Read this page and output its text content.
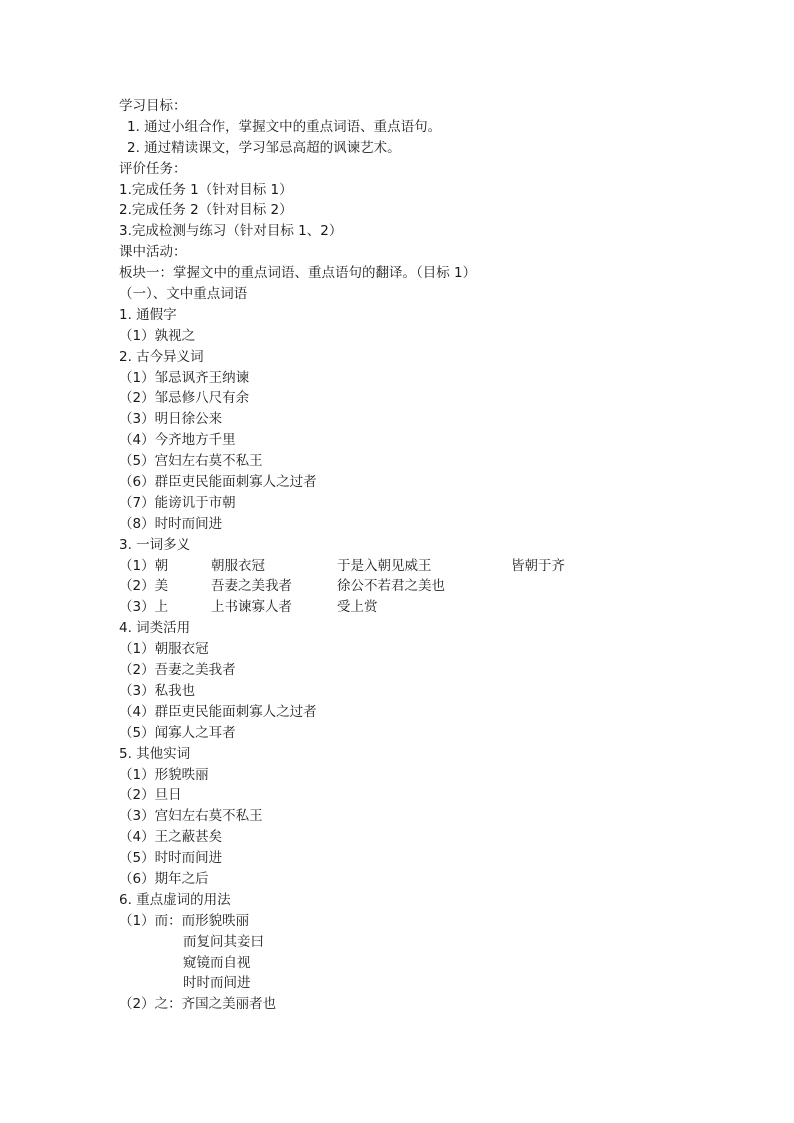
学习目标：
1. 通过小组合作，掌握文中的重点词语、重点语句。
2. 通过精读课文，学习邹忌高超的讽谏艺术。
评价任务：
1.完成任务 1（针对目标 1）
2.完成任务 2（针对目标 2）
3.完成检测与练习（针对目标 1、2）
课中活动：
板块一：掌握文中的重点词语、重点语句的翻译。（目标 1）
（一）、文中重点词语
1. 通假字
（1）孰视之
2. 古今异义词
（1）邹忌讽齐王纳谏
（2）邹忌修八尺有余
（3）明日徐公来
（4）今齐地方千里
（5）宫妇左右莫不私王
（6）群臣吏民能面刺寡人之过者
（7）能谤讥于市朝
（8）时时而间进
3. 一词多义
（1）朝	朝服衣冠	于是入朝见威王	皆朝于齐
（2）美	吾妻之美我者	徐公不若君之美也
（3）上	上书谏寡人者	受上赏
4. 词类活用
（1）朝服衣冠
（2）吾妻之美我者
（3）私我也
（4）群臣吏民能面刺寡人之过者
（5）闻寡人之耳者
5. 其他实词
（1）形貌昳丽
（2）旦日
（3）宫妇左右莫不私王
（4）王之蔽甚矣
（5）时时而间进
（6）期年之后
6. 重点虚词的用法
（1）而：而形貌昳丽
而复问其妾曰
窥镜而自视
时时而间进
（2）之：齐国之美丽者也
